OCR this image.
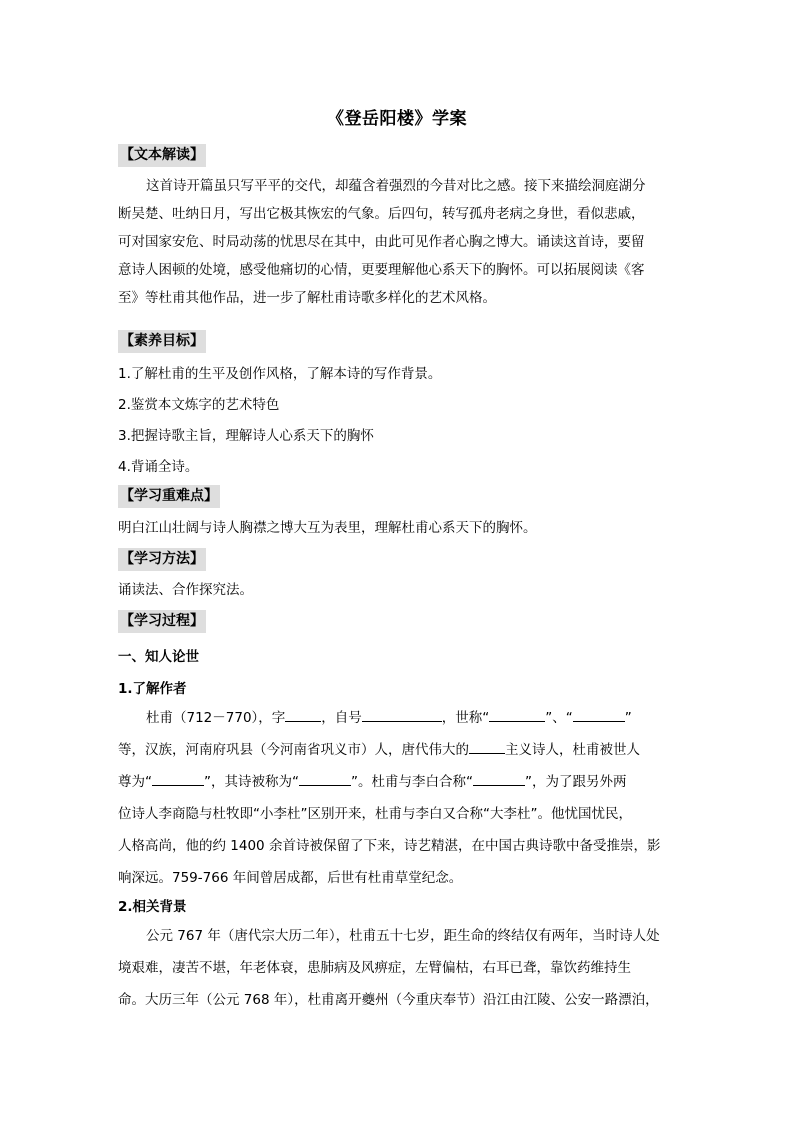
《登岳阳楼》学案
【文本解读】
这首诗开篇虽只写平平的交代，却蕴含着强烈的今昔对比之感。接下来描绘洞庭湖分
断吴楚、吐纳日月，写出它极其恢宏的气象。后四句，转写孤舟老病之身世，看似悲戚，
可对国家安危、时局动荡的忧思尽在其中，由此可见作者心胸之博大。诵读这首诗，要留
意诗人困顿的处境，感受他痛切的心情，更要理解他心系天下的胸怀。可以拓展阅读《客
至》等杜甫其他作品，进一步了解杜甫诗歌多样化的艺术风格。
【素养目标】
1.了解杜甫的生平及创作风格，了解本诗的写作背景。
2.鉴赏本文炼字的艺术特色
3.把握诗歌主旨，理解诗人心系天下的胸怀
4.背诵全诗。
【学习重难点】
明白江山壮阔与诗人胸襟之博大互为表里，理解杜甫心系天下的胸怀。
【学习方法】
诵读法、合作探究法。
【学习过程】
一、知人论世
1.了解作者
杜甫（712－770），字	，自号	，世称“	”、“	”
等，汉族，河南府巩县（今河南省巩义市）人，唐代伟大的	主义诗人，杜甫被世人
尊为“	”，其诗被称为“	”。杜甫与李白合称“	”，为了跟另外两
位诗人李商隐与杜牧即“小李杜”区别开来，杜甫与李白又合称“大李杜”。他忧国忧民，
人格高尚，他的约 1400 余首诗被保留了下来，诗艺精湛，在中国古典诗歌中备受推崇，影
响深远。759-766 年间曾居成都，后世有杜甫草堂纪念。
2.相关背景
公元 767 年（唐代宗大历二年），杜甫五十七岁，距生命的终结仅有两年，当时诗人处
境艰难，凄苦不堪，年老体衰，患肺病及风痹症，左臂偏枯，右耳已聋，靠饮药维持生
命。大历三年（公元 768 年），杜甫离开夔州（今重庆奉节）沿江由江陵、公安一路漂泊，
